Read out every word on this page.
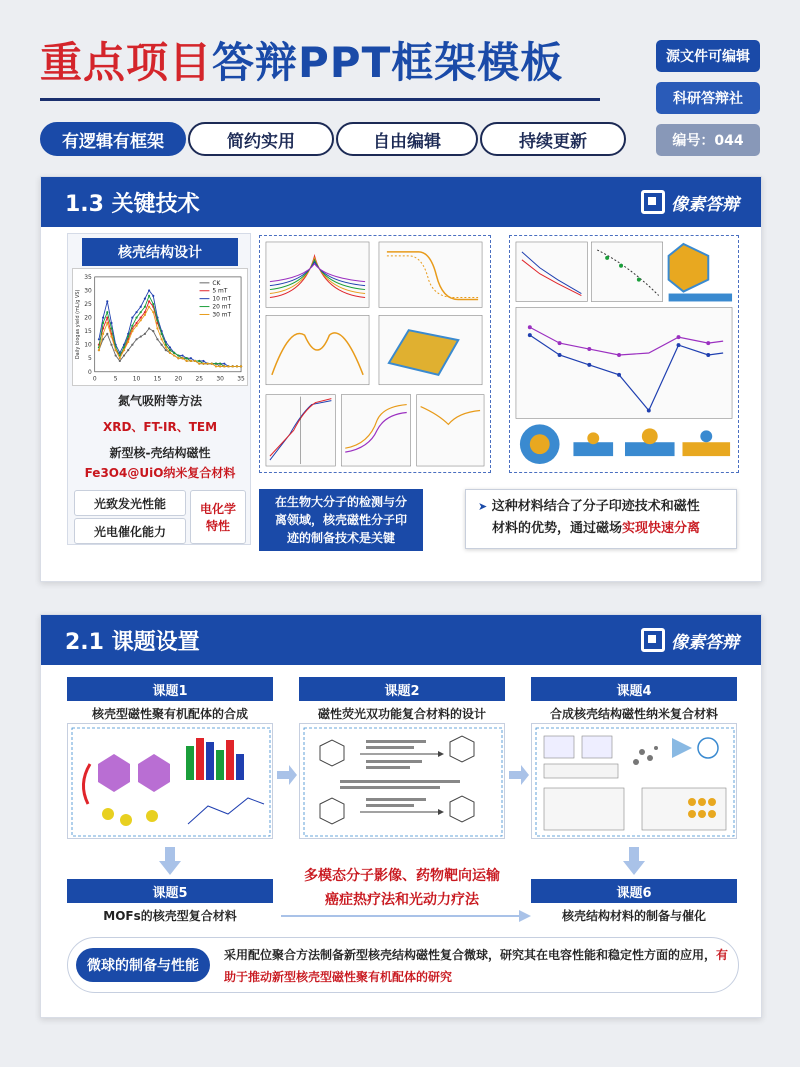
重点项目答辩PPT框架模板	源文件可编辑
科研答辩社
编号：044
有逻辑有框架	简约实用	自由编辑	持续更新
1.3 关键技术	像素答辩
核壳结构设计
0	5	10 15 20 25 30 35
0
5
10
15
20
25
30
35
Daily biogas yield (mL/g VS)
CK
5 mT
10 mT
20 mT
30 mT
氮气吸附等方法
XRD、FT-IR、TEM
新型核-壳结构磁性
Fe3O4@UiO纳米复合材料
光致发光性能
光电催化能力
电化学
特性
在生物大分子的检测与分
离领域，核壳磁性分子印
迹的制备技术是关键
➤ 这种材料结合了分子印迹技术和磁性
材料的优势，通过磁场实现快速分离
2.1 课题设置	像素答辩
课题1
核壳型磁性聚有机配体的合成
课题2
磁性荧光双功能复合材料的设计
课题4
合成核壳结构磁性纳米复合材料
课题5
MOFs的核壳型复合材料
课题6
核壳结构材料的制备与催化
多模态分子影像、药物靶向运输
癌症热疗法和光动力疗法
微球的制备与性能
采用配位聚合方法制备新型核壳结构磁性复合微球，研究其在电容性能和稳定性方面的应用，有助于推动新型核壳型磁性聚有机配体的研究
